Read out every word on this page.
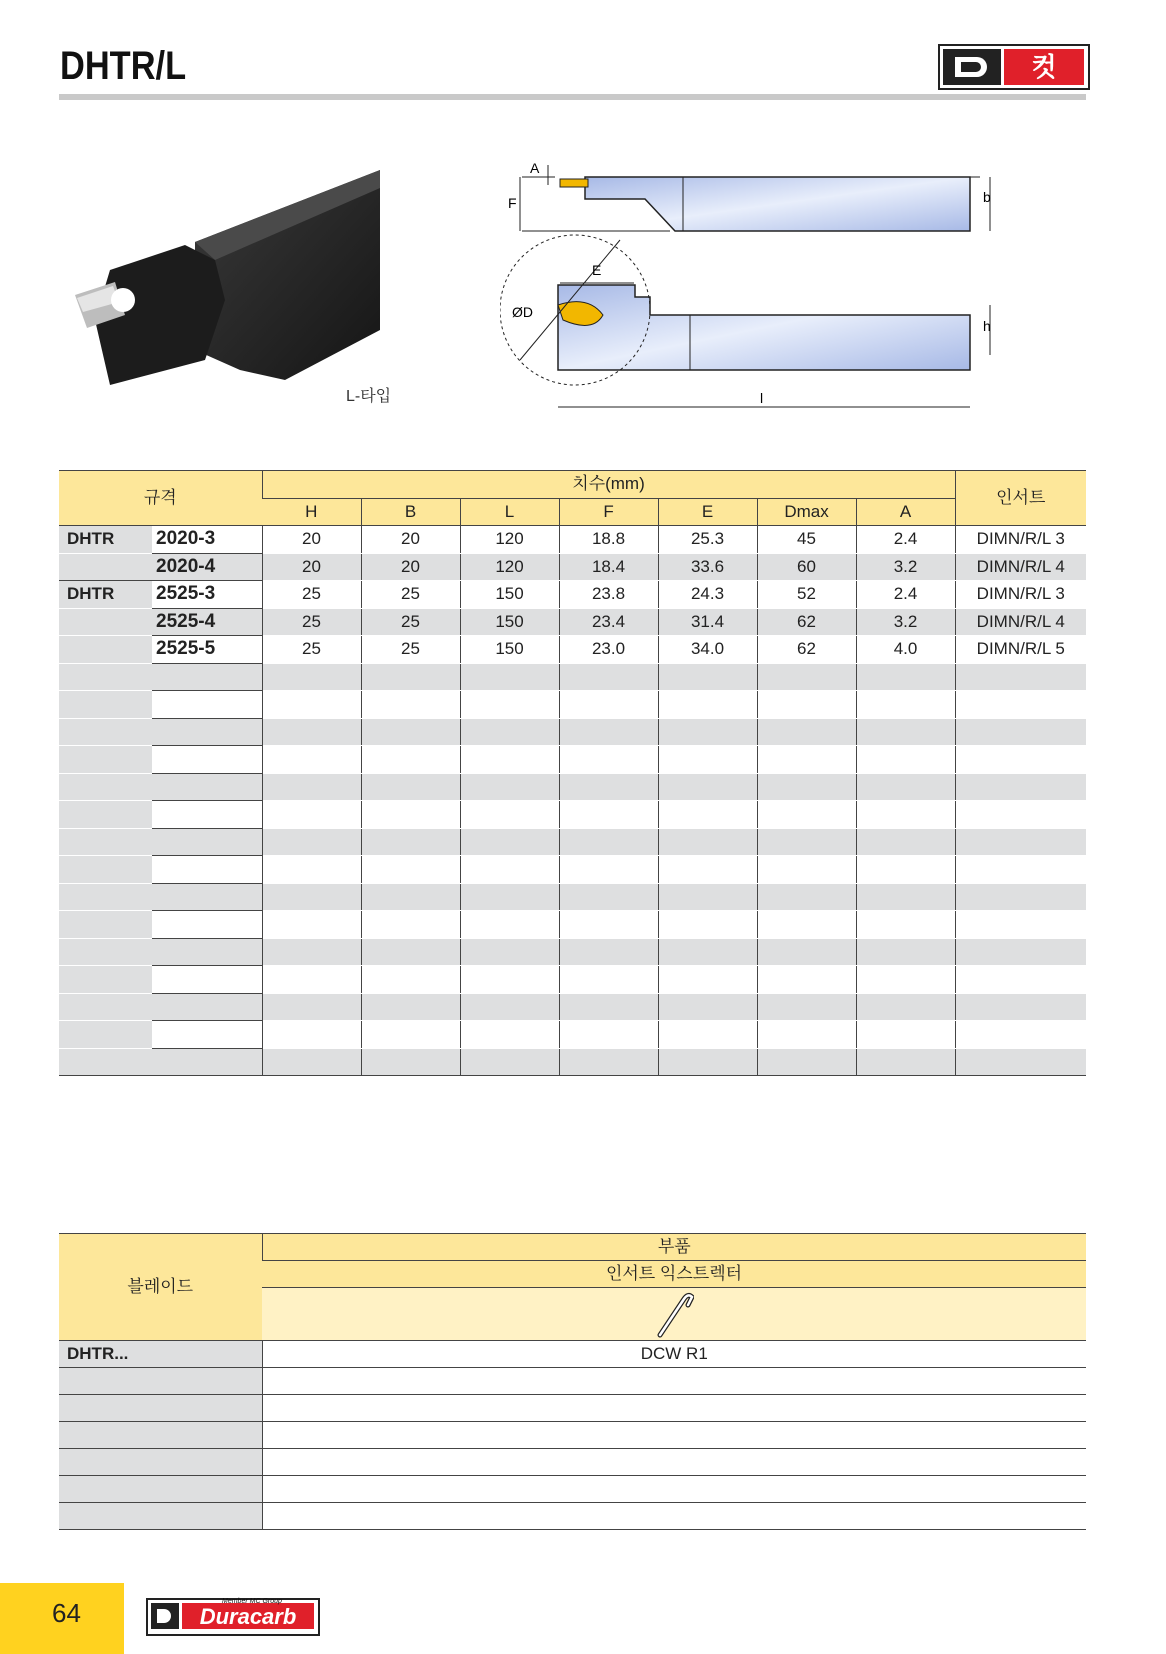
DHTR/L	컷
L-타입
F
A
b
ØD
E
h
l
규격		치수(mm)							인서트
		H	B	L	F	E	Dmax	A	
DHTR	2020-3	20	20	120	18.8	25.3	45	2.4	DIMN/R/L 3
	2020-4	20	20	120	18.4	33.6	60	3.2	DIMN/R/L 4
DHTR	2525-3	25	25	150	23.8	24.3	52	2.4	DIMN/R/L 3
	2525-4	25	25	150	23.4	31.4	62	3.2	DIMN/R/L 4
	2525-5	25	25	150	23.0	34.0	62	4.0	DIMN/R/L 5

블레이드	부품
	인서트 익스트렉터

DHTR...	DCW R1

64	Duracarb
Member MC Group
